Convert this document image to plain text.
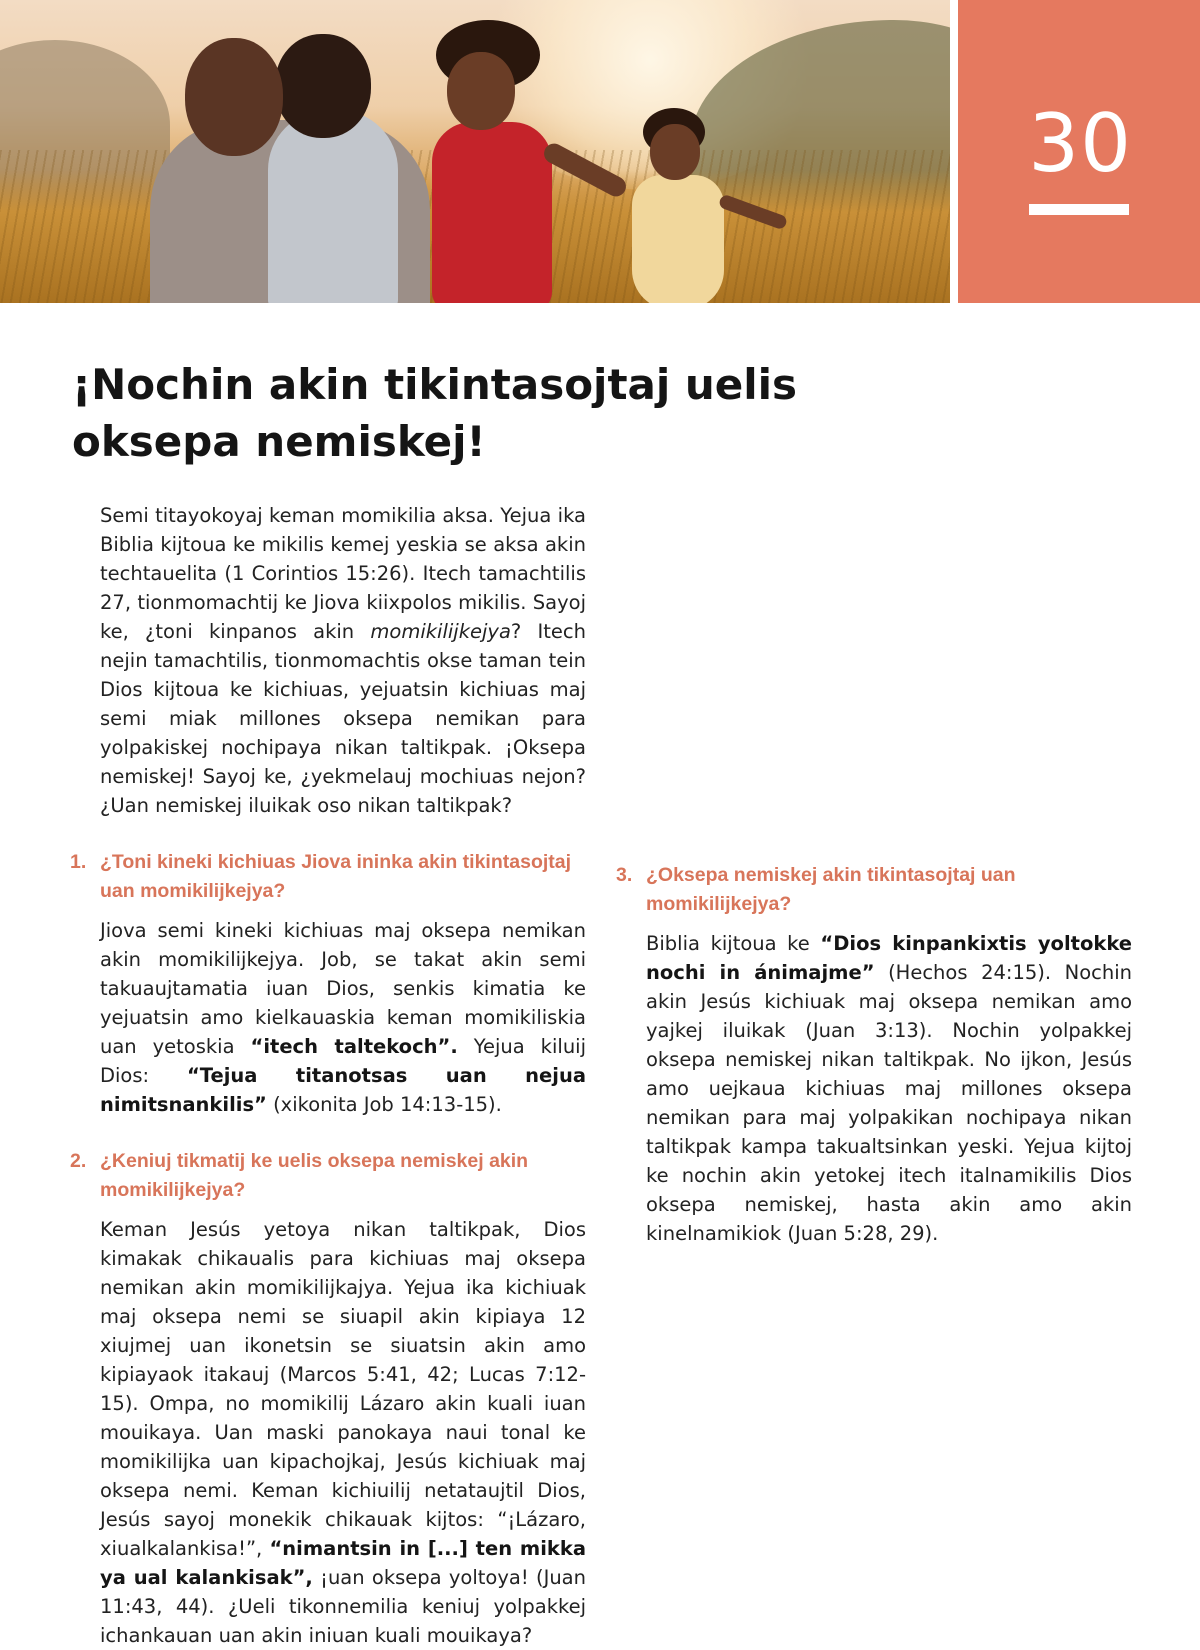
30
¡Nochin akin tikintasojtaj uelis oksepa nemiskej!

Semi titayokoyaj keman momikilia aksa. Yejua ika Biblia kijtoua ke mikilis kemej yeskia se aksa akin techtauelita (1 Corintios 15:26). Itech tamachtilis 27, tionmomachtij ke Jiova kiixpolos mikilis. Sayoj ke, ¿toni kinpanos akin momikilijkejya? Itech nejin tamachtilis, tionmomachtis okse taman tein Dios kijtoua ke kichiuas, yejuatsin kichiuas maj semi miak millones oksepa nemikan para yolpakiskej nochipaya nikan taltikpak. ¡Oksepa nemiskej! Sayoj ke, ¿yekmelauj mochiuas nejon? ¿Uan nemiskej iluikak oso nikan taltikpak?

1. ¿Toni kineki kichiuas Jiova ininka akin tikintasojtaj uan momikilijkejya?

Jiova semi kineki kichiuas maj oksepa nemikan akin momikilijkejya. Job, se takat akin semi takuaujtamatia iuan Dios, senkis kimatia ke yejuatsin amo kielkauaskia keman momikiliskia uan yetoskia “itech taltekoch”. Yejua kiluij Dios: “Tejua titanotsas uan nejua nimitsnankilis” (xikonita Job 14:13-15).

2. ¿Keniuj tikmatij ke uelis oksepa nemiskej akin momikilijkejya?

Keman Jesús yetoya nikan taltikpak, Dios kimakak chikaualis para kichiuas maj oksepa nemikan akin momikilijkajya. Yejua ika kichiuak maj oksepa nemi se siuapil akin kipiaya 12 xiujmej uan ikonetsin se siuatsin akin amo kipiayaok itakauj (Marcos 5:41, 42; Lucas 7:12-15). Ompa, no momikilij Lázaro akin kuali iuan mouikaya. Uan maski panokaya naui tonal ke momikilijka uan kipachojkaj, Jesús kichiuak maj oksepa nemi. Keman kichiuilij netataujtil Dios, Jesús sayoj monekik chikauak kijtos: “¡Lázaro, xiualkalankisa!”, “nimantsin in [...] ten mikka ya ual kalankisak”, ¡uan oksepa yoltoya! (Juan 11:43, 44). ¿Ueli tikonnemilia keniuj yolpakkej ichankauan uan akin iniuan kuali mouikaya?

3. ¿Oksepa nemiskej akin tikintasojtaj uan momikilijkejya?

Biblia kijtoua ke “Dios kinpankixtis yoltokke nochi in ánimajme” (Hechos 24:15). Nochin akin Jesús kichiuak maj oksepa nemikan amo yajkej iluikak (Juan 3:13). Nochin yolpakkej oksepa nemiskej nikan taltikpak. No ijkon, Jesús amo uejkaua kichiuas maj millones oksepa nemikan para maj yolpakikan nochipaya nikan taltikpak kampa takualtsinkan yeski. Yejua kijtoj ke nochin akin yetokej itech italnamikilis Dios oksepa nemiskej, hasta akin amo akin kinelnamikiok (Juan 5:28, 29).
